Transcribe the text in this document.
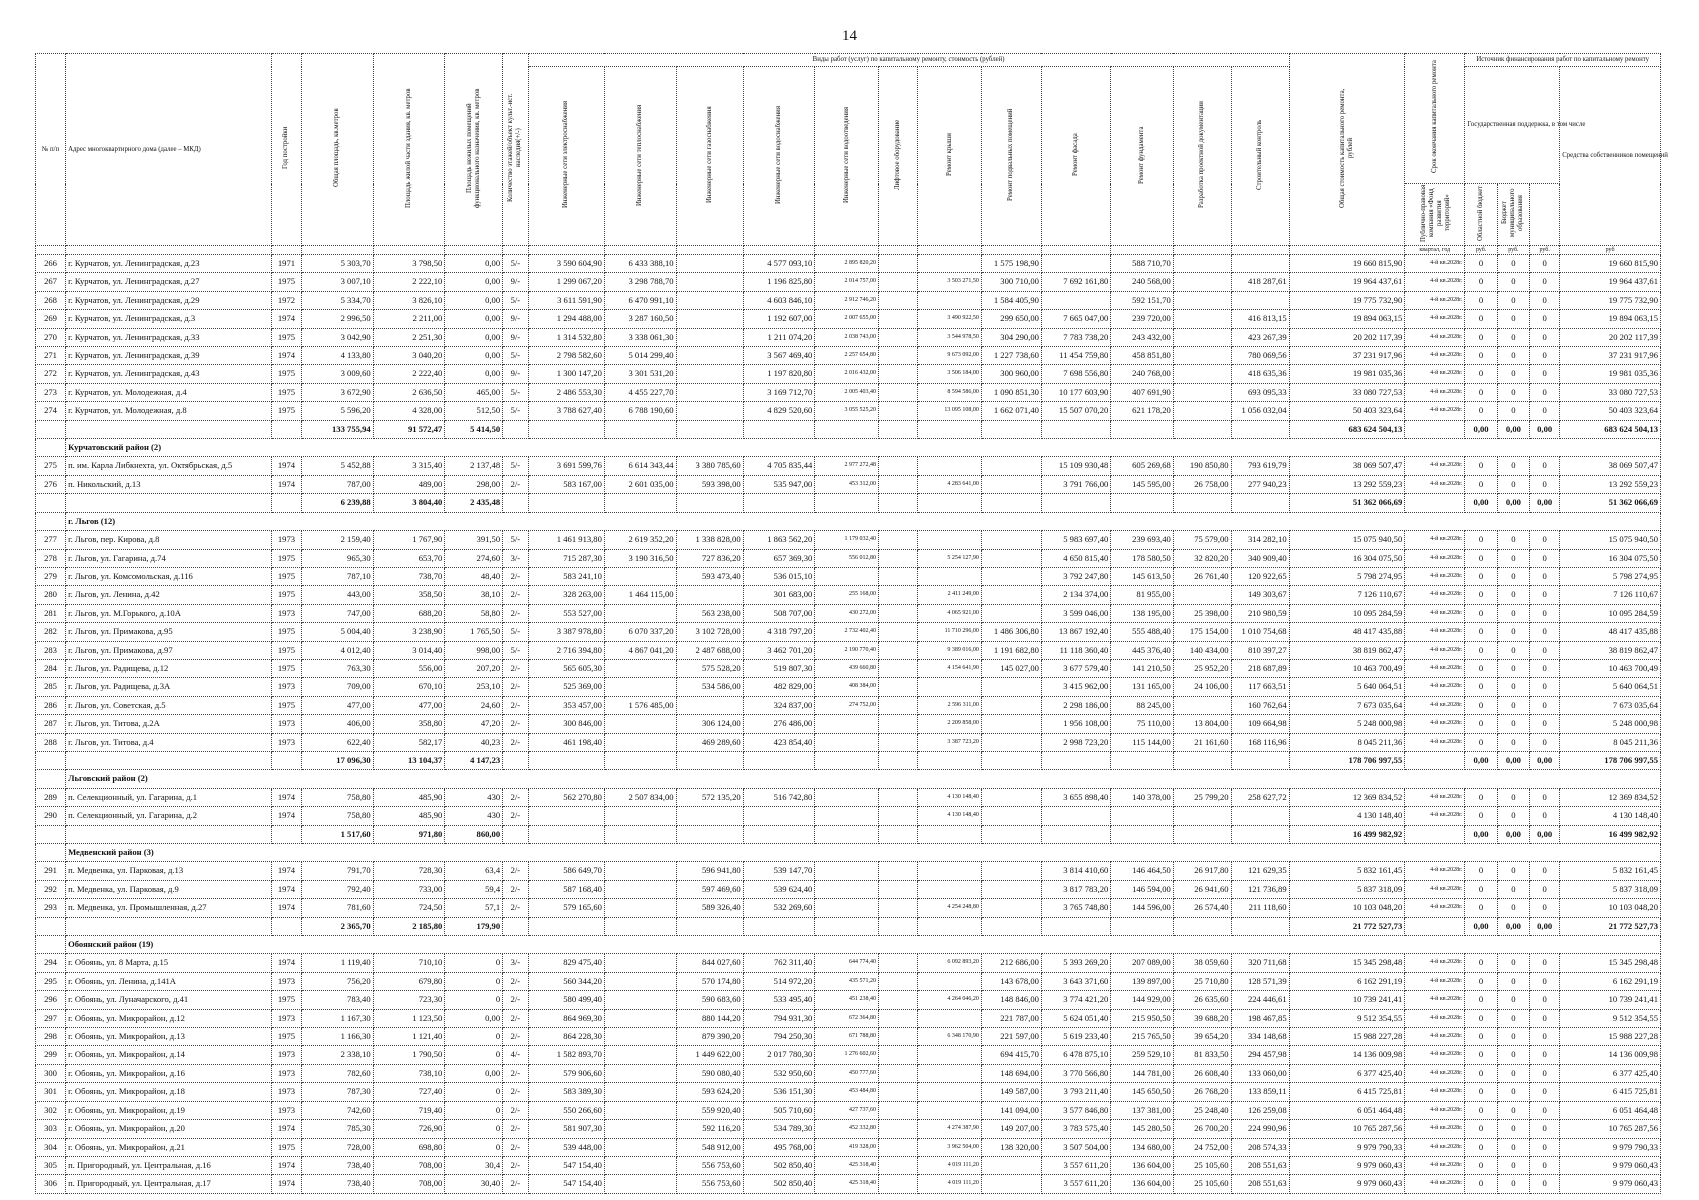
14
№ п/п	Адрес многоквартирного дома (далее – МКД)	Год постройки	Общая площадь, кв.метров	Площадь жилой части здания, кв. метров	Площадь нежилых помещений функционального назначения, кв. метров	Количество этажей/объект культ.-ист. наследия(+/-)	Виды работ (услуг) по капитальному ремонту, стоимость (рублей)												Общая стоимость капитального ремонта, рублей	Срок окончания капитального ремонта	Источник финансирования работ по капитальному ремонту			
							Инженерные сети электроснабжения	Инженерные сети теплоснабжения	Инженерные сети газоснабжения	Инженерные сети водоснабжения	Инженерные сети водоотведения	Лифтовое оборудование	Ремонт крыши	Ремонт подвальных помещений	Ремонт фасада	Ремонт фундамента	Разработка проектной документации	Строительный контроль			Государственная поддержка, в том числе			Средства собственников помещений
																				Публично-правовая компания «Фонд развития территорий»	Областной бюджет	Бюджет муниципального образования		
																				квартал, год	руб.	руб.	руб.	руб
266	г. Курчатов, ул. Ленинградская, д.23	1971	5 303,70	3 798,50	0,00	5/-	3 590 604,90	6 433 388,10		4 577 093,10	2 895 820,20			1 575 198,90		588 710,70			19 660 815,90	4-й кв.2028г.	0	0	0	19 660 815,90
267	г. Курчатов, ул. Ленинградская, д.27	1975	3 007,10	2 222,10	0,00	9/-	1 299 067,20	3 298 788,70		1 196 825,80	2 014 757,00		3 503 271,50	300 710,00	7 692 161,80	240 568,00		418 287,61	19 964 437,61	4-й кв.2028г.	0	0	0	19 964 437,61
268	г. Курчатов, ул. Ленинградская, д.29	1972	5 334,70	3 826,10	0,00	5/-	3 611 591,90	6 470 991,10		4 603 846,10	2 912 746,20			1 584 405,90		592 151,70			19 775 732,90	4-й кв.2028г.	0	0	0	19 775 732,90
269	г. Курчатов, ул. Ленинградская, д.3	1974	2 996,50	2 211,00	0,00	9/-	1 294 488,00	3 287 160,50		1 192 607,00	2 007 655,00		3 490 922,50	299 650,00	7 665 047,00	239 720,00		416 813,15	19 894 063,15	4-й кв.2028г.	0	0	0	19 894 063,15
270	г. Курчатов, ул. Ленинградская, д.33	1975	3 042,90	2 251,30	0,00	9/-	1 314 532,80	3 338 061,30		1 211 074,20	2 038 743,00		3 544 978,50	304 290,00	7 783 738,20	243 432,00		423 267,39	20 202 117,39	4-й кв.2028г.	0	0	0	20 202 117,39
271	г. Курчатов, ул. Ленинградская, д.39	1974	4 133,80	3 040,20	0,00	5/-	2 798 582,60	5 014 299,40		3 567 469,40	2 257 654,80		9 673 092,00	1 227 738,60	11 454 759,80	458 851,80		780 069,56	37 231 917,96	4-й кв.2028г.	0	0	0	37 231 917,96
272	г. Курчатов, ул. Ленинградская, д.43	1975	3 009,60	2 222,40	0,00	9/-	1 300 147,20	3 301 531,20		1 197 820,80	2 016 432,00		3 506 184,00	300 960,00	7 698 556,80	240 768,00		418 635,36	19 981 035,36	4-й кв.2028г.	0	0	0	19 981 035,36
273	г. Курчатов, ул. Молодежная, д.4	1975	3 672,90	2 636,50	465,00	5/-	2 486 553,30	4 455 227,70		3 169 712,70	2 005 403,40		8 594 586,00	1 090 851,30	10 177 603,90	407 691,90		693 095,33	33 080 727,53	4-й кв.2028г.	0	0	0	33 080 727,53
274	г. Курчатов, ул. Молодежная, д.8	1975	5 596,20	4 328,00	512,50	5/-	3 788 627,40	6 788 190,60		4 829 520,60	3 055 525,20		13 095 108,00	1 662 071,40	15 507 070,20	621 178,20		1 056 032,04	50 403 323,64	4-й кв.2028г.	0	0	0	50 403 323,64
			133 755,94	91 572,47	5 414,50														683 624 504,13		0,00	0,00	0,00	683 624 504,13
	Курчатовский район (2)																							
275	п. им. Карла Либкнехта, ул. Октябрьская, д.5	1974	5 452,88	3 315,40	2 137,48	5/-	3 691 599,76	6 614 343,44	3 380 785,60	4 705 835,44	2 977 272,48				15 109 930,48	605 269,68	190 850,80	793 619,79	38 069 507,47	4-й кв.2028г.	0	0	0	38 069 507,47
276	п. Никольский, д.13	1974	787,00	489,00	298,00	2/-	583 167,00	2 601 035,00	593 398,00	535 947,00	453 312,00		4 283 641,00		3 791 766,00	145 595,00	26 758,00	277 940,23	13 292 559,23	4-й кв.2028г.	0	0	0	13 292 559,23
			6 239,88	3 804,40	2 435,48														51 362 066,69		0,00	0,00	0,00	51 362 066,69
	г. Льгов (12)																							
277	г. Льгов, пер. Кирова, д.8	1973	2 159,40	1 767,90	391,50	5/-	1 461 913,80	2 619 352,20	1 338 828,00	1 863 562,20	1 179 032,40				5 983 697,40	239 693,40	75 579,00	314 282,10	15 075 940,50	4-й кв.2028г.	0	0	0	15 075 940,50
278	г. Льгов, ул. Гагарина, д.74	1975	965,30	653,70	274,60	3/-	715 287,30	3 190 316,50	727 836,20	657 369,30	556 012,80		5 254 127,90		4 650 815,40	178 580,50	32 820,20	340 909,40	16 304 075,50	4-й кв.2028г.	0	0	0	16 304 075,50
279	г. Льгов, ул. Комсомольская, д.116	1975	787,10	738,70	48,40	2/-	583 241,10		593 473,40	536 015,10					3 792 247,80	145 613,50	26 761,40	120 922,65	5 798 274,95	4-й кв.2028г.	0	0	0	5 798 274,95
280	г. Льгов, ул. Ленина, д.42	1975	443,00	358,50	38,10	2/-	328 263,00	1 464 115,00		301 683,00	255 168,00		2 411 249,00		2 134 374,00	81 955,00		149 303,67	7 126 110,67	4-й кв.2028г.	0	0	0	7 126 110,67
281	г. Льгов, ул. М.Горького, д.10А	1973	747,00	688,20	58,80	2/-	553 527,00		563 238,00	508 707,00	430 272,00		4 065 921,00		3 599 046,00	138 195,00	25 398,00	210 980,59	10 095 284,59	4-й кв.2028г.	0	0	0	10 095 284,59
282	г. Льгов, ул. Примакова, д.95	1975	5 004,40	3 238,90	1 765,50	5/-	3 387 978,80	6 070 337,20	3 102 728,00	4 318 797,20	2 732 402,40		11 710 296,00	1 486 306,80	13 867 192,40	555 488,40	175 154,00	1 010 754,68	48 417 435,88	4-й кв.2028г.	0	0	0	48 417 435,88
283	г. Льгов, ул. Примакова, д.97	1975	4 012,40	3 014,40	998,00	5/-	2 716 394,80	4 867 041,20	2 487 688,00	3 462 701,20	2 190 770,40		9 389 016,00	1 191 682,80	11 118 360,40	445 376,40	140 434,00	810 397,27	38 819 862,47	4-й кв.2028г.	0	0	0	38 819 862,47
284	г. Льгов, ул. Радищева, д.12	1975	763,30	556,00	207,20	2/-	565 605,30		575 528,20	519 807,30	439 660,80		4 154 641,90	145 027,00	3 677 579,40	141 210,50	25 952,20	218 687,89	10 463 700,49	4-й кв.2028г.	0	0	0	10 463 700,49
285	г. Льгов, ул. Радищева, д.3А	1973	709,00	670,10	253,10	2/-	525 369,00		534 586,00	482 829,00	408 384,00				3 415 962,00	131 165,00	24 106,00	117 663,51	5 640 064,51	4-й кв.2028г.	0	0	0	5 640 064,51
286	г. Льгов, ул. Советская, д.5	1975	477,00	477,00	24,60	2/-	353 457,00	1 576 485,00		324 837,00	274 752,00		2 596 311,00		2 298 186,00	88 245,00		160 762,64	7 673 035,64	4-й кв.2028г.	0	0	0	7 673 035,64
287	г. Льгов, ул. Титова, д.2А	1973	406,00	358,80	47,20	2/-	300 846,00		306 124,00	276 486,00			2 209 858,00		1 956 108,00	75 110,00	13 804,00	109 664,98	5 248 000,98	4-й кв.2028г.	0	0	0	5 248 000,98
288	г. Льгов, ул. Титова, д.4	1973	622,40	582,17	40,23	2/-	461 198,40		469 289,60	423 854,40			3 387 723,20		2 998 723,20	115 144,00	21 161,60	168 116,96	8 045 211,36	4-й кв.2028г.	0	0	0	8 045 211,36
			17 096,30	13 104,37	4 147,23														178 706 997,55		0,00	0,00	0,00	178 706 997,55
	Льговский район (2)																							
289	п. Селекционный, ул. Гагарина, д.1	1974	758,80	485,90	430	2/-	562 270,80	2 507 834,00	572 135,20	516 742,80			4 130 148,40		3 655 898,40	140 378,00	25 799,20	258 627,72	12 369 834,52	4-й кв.2028г.	0	0	0	12 369 834,52
290	п. Селекционный, ул. Гагарина, д.2	1974	758,80	485,90	430	2/-							4 130 148,40						4 130 148,40	4-й кв.2028г.	0	0	0	4 130 148,40
			1 517,60	971,80	860,00														16 499 982,92		0,00	0,00	0,00	16 499 982,92
	Медвенский район (3)																							
291	п. Медвенка, ул. Парковая, д.13	1974	791,70	728,30	63,4	2/-	586 649,70		596 941,80	539 147,70					3 814 410,60	146 464,50	26 917,80	121 629,35	5 832 161,45	4-й кв.2028г.	0	0	0	5 832 161,45
292	п. Медвенка, ул. Парковая, д.9	1974	792,40	733,00	59,4	2/-	587 168,40		597 469,60	539 624,40					3 817 783,20	146 594,00	26 941,60	121 736,89	5 837 318,09	4-й кв.2028г.	0	0	0	5 837 318,09
293	п. Медвенка, ул. Промышленная, д.27	1974	781,60	724,50	57,1	2/-	579 165,60		589 326,40	532 269,60			4 254 248,80		3 765 748,80	144 596,00	26 574,40	211 118,60	10 103 048,20	4-й кв.2028г.	0	0	0	10 103 048,20
			2 365,70	2 185,80	179,90														21 772 527,73		0,00	0,00	0,00	21 772 527,73
	Обоянский район (19)																							
294	г. Обоянь, ул. 8 Марта, д.15	1974	1 119,40	710,10	0	3/-	829 475,40		844 027,60	762 311,40	644 774,40		6 092 893,20	212 686,00	5 393 269,20	207 089,00	38 059,60	320 711,68	15 345 298,48	4-й кв.2028г.	0	0	0	15 345 298,48
295	г. Обоянь, ул. Ленина, д.141А	1973	756,20	679,80	0	2/-	560 344,20		570 174,80	514 972,20	435 571,20			143 678,00	3 643 371,60	139 897,00	25 710,80	128 571,39	6 162 291,19	4-й кв.2028г.	0	0	0	6 162 291,19
296	г. Обоянь, ул. Луначарского, д.41	1975	783,40	723,30	0	2/-	580 499,40		590 683,60	533 495,40	451 238,40		4 264 046,20	148 846,00	3 774 421,20	144 929,00	26 635,60	224 446,61	10 739 241,41	4-й кв.2028г.	0	0	0	10 739 241,41
297	г. Обоянь, ул. Микрорайон, д.12	1973	1 167,30	1 123,50	0,00	2/-	864 969,30		880 144,20	794 931,30	672 364,80			221 787,00	5 624 051,40	215 950,50	39 688,20	198 467,85	9 512 354,55	4-й кв.2028г.	0	0	0	9 512 354,55
298	г. Обоянь, ул. Микрорайон, д.13	1975	1 166,30	1 121,40	0	2/-	864 228,30		879 390,20	794 250,30	671 788,80		6 348 170,90	221 597,00	5 619 233,40	215 765,50	39 654,20	334 148,68	15 988 227,28	4-й кв.2028г.	0	0	0	15 988 227,28
299	г. Обоянь, ул. Микрорайон, д.14	1973	2 338,10	1 790,50	0	4/-	1 582 893,70		1 449 622,00	2 017 780,30	1 276 602,60			694 415,70	6 478 875,10	259 529,10	81 833,50	294 457,98	14 136 009,98	4-й кв.2028г.	0	0	0	14 136 009,98
300	г. Обоянь, ул. Микрорайон, д.16	1973	782,60	738,10	0,00	2/-	579 906,60		590 080,40	532 950,60	450 777,60			148 694,00	3 770 566,80	144 781,00	26 608,40	133 060,00	6 377 425,40	4-й кв.2028г.	0	0	0	6 377 425,40
301	г. Обоянь, ул. Микрорайон, д.18	1973	787,30	727,40	0	2/-	583 389,30		593 624,20	536 151,30	453 484,80			149 587,00	3 793 211,40	145 650,50	26 768,20	133 859,11	6 415 725,81	4-й кв.2028г.	0	0	0	6 415 725,81
302	г. Обоянь, ул. Микрорайон, д.19	1973	742,60	719,40	0	2/-	550 266,60		559 920,40	505 710,60	427 737,60			141 094,00	3 577 846,80	137 381,00	25 248,40	126 259,08	6 051 464,48	4-й кв.2028г.	0	0	0	6 051 464,48
303	г. Обоянь, ул. Микрорайон, д.20	1974	785,30	726,90	0	2/-	581 907,30		592 116,20	534 789,30	452 332,80		4 274 387,90	149 207,00	3 783 575,40	145 280,50	26 700,20	224 990,96	10 765 287,56	4-й кв.2028г.	0	0	0	10 765 287,56
304	г. Обоянь, ул. Микрорайон, д.21	1975	728,00	698,80	0	2/-	539 448,00		548 912,00	495 768,00	419 328,00		3 962 504,00	138 320,00	3 507 504,00	134 680,00	24 752,00	208 574,33	9 979 790,33	4-й кв.2028г.	0	0	0	9 979 790,33
305	п. Пригородный, ул. Центральная, д.16	1974	738,40	708,00	30,4	2/-	547 154,40		556 753,60	502 850,40	425 318,40		4 019 111,20		3 557 611,20	136 604,00	25 105,60	208 551,63	9 979 060,43	4-й кв.2028г.	0	0	0	9 979 060,43
306	п. Пригородный, ул. Центральная, д.17	1974	738,40	708,00	30,40	2/-	547 154,40		556 753,60	502 850,40	425 318,40		4 019 111,20		3 557 611,20	136 604,00	25 105,60	208 551,63	9 979 060,43	4-й кв.2028г.	0	0	0	9 979 060,43
